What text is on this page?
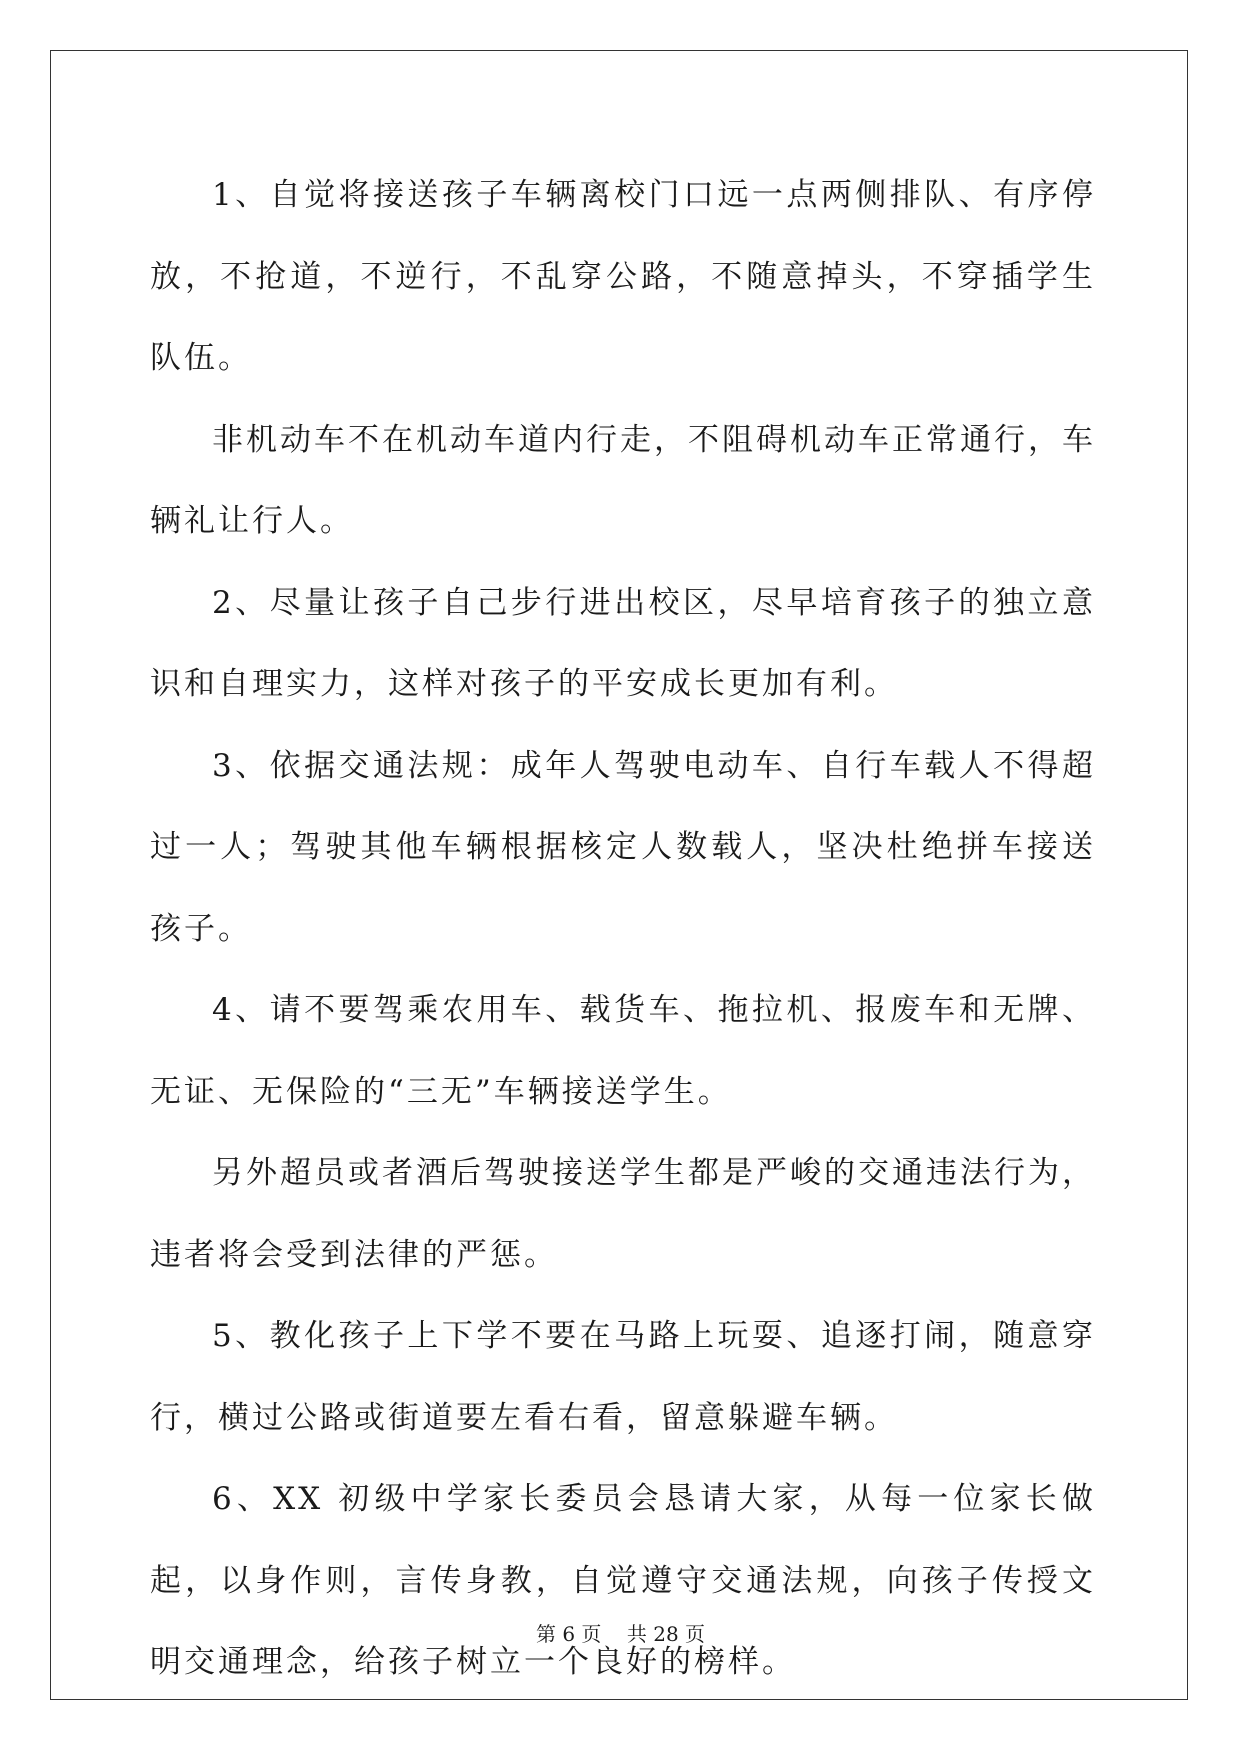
1、自觉将接送孩子车辆离校门口远一点两侧排队、有序停放，不抢道，不逆行，不乱穿公路，不随意掉头，不穿插学生队伍。

非机动车不在机动车道内行走，不阻碍机动车正常通行，车辆礼让行人。

2、尽量让孩子自己步行进出校区，尽早培育孩子的独立意识和自理实力，这样对孩子的平安成长更加有利。

3、依据交通法规：成年人驾驶电动车、自行车载人不得超过一人；驾驶其他车辆根据核定人数载人，坚决杜绝拼车接送孩子。

4、请不要驾乘农用车、载货车、拖拉机、报废车和无牌、无证、无保险的“三无”车辆接送学生。

另外超员或者酒后驾驶接送学生都是严峻的交通违法行为，违者将会受到法律的严惩。

5、教化孩子上下学不要在马路上玩耍、追逐打闹，随意穿行，横过公路或街道要左看右看，留意躲避车辆。

6、XX 初级中学家长委员会恳请大家，从每一位家长做起，以身作则，言传身教，自觉遵守交通法规，向孩子传授文明交通理念，给孩子树立一个良好的榜样。

第 6 页 共 28 页
